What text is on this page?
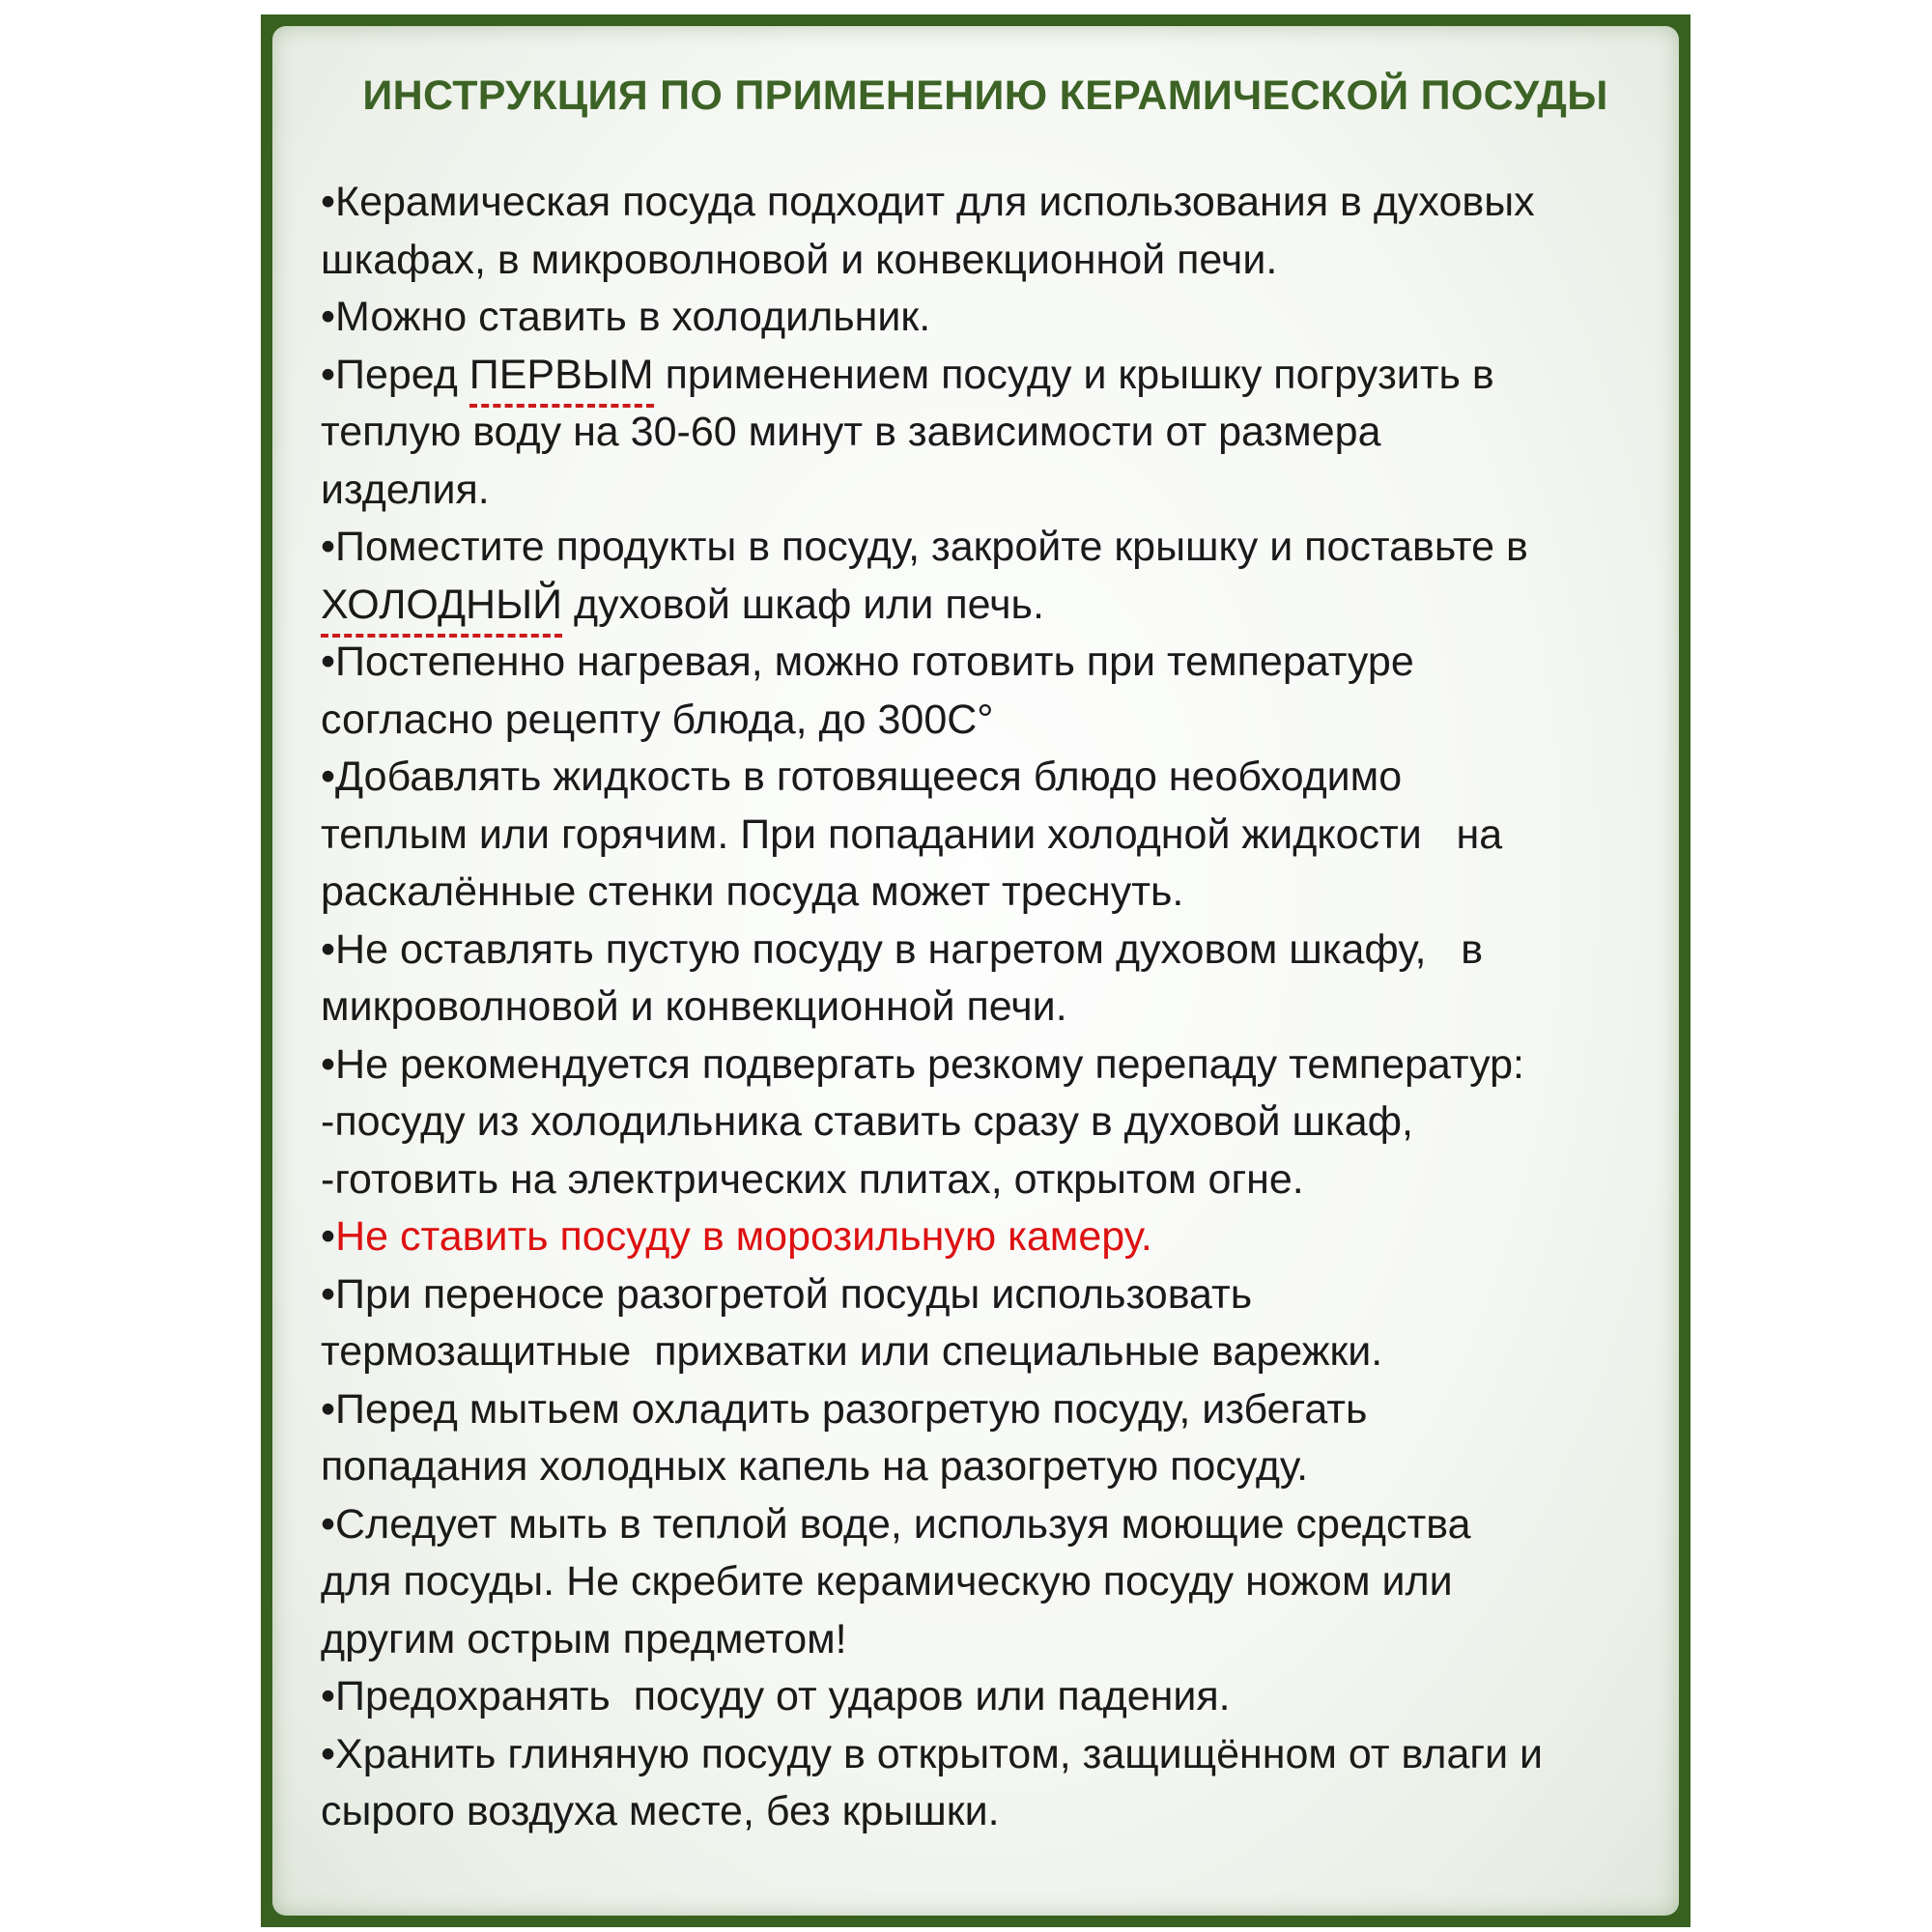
ИНСТРУКЦИЯ ПО ПРИМЕНЕНИЮ КЕРАМИЧЕСКОЙ ПОСУДЫ
•Керамическая посуда подходит для использования в духовых
шкафах, в микроволновой и конвекционной печи.
•Можно ставить в холодильник.
•Перед ПЕРВЫМ применением посуду и крышку погрузить в
теплую воду на 30-60 минут в зависимости от размера
изделия.
•Поместите продукты в посуду, закройте крышку и поставьте в
ХОЛОДНЫЙ духовой шкаф или печь.
•Постепенно нагревая, можно готовить при температуре
согласно рецепту блюда, до 300С°
•Добавлять жидкость в готовящееся блюдо необходимо
теплым или горячим. При попадании холодной жидкости   на
раскалённые стенки посуда может треснуть.
•Не оставлять пустую посуду в нагретом духовом шкафу,   в
микроволновой и конвекционной печи.
•Не рекомендуется подвергать резкому перепаду температур:
-посуду из холодильника ставить сразу в духовой шкаф,
-готовить на электрических плитах, открытом огне.
•Не ставить посуду в морозильную камеру.
•При переносе разогретой посуды использовать
термозащитные  прихватки или специальные варежки.
•Перед мытьем охладить разогретую посуду, избегать
попадания холодных капель на разогретую посуду.
•Следует мыть в теплой воде, используя моющие средства
для посуды. Не скребите керамическую посуду ножом или
другим острым предметом!
•Предохранять  посуду от ударов или падения.
•Хранить глиняную посуду в открытом, защищённом от влаги и
сырого воздуха месте, без крышки.
